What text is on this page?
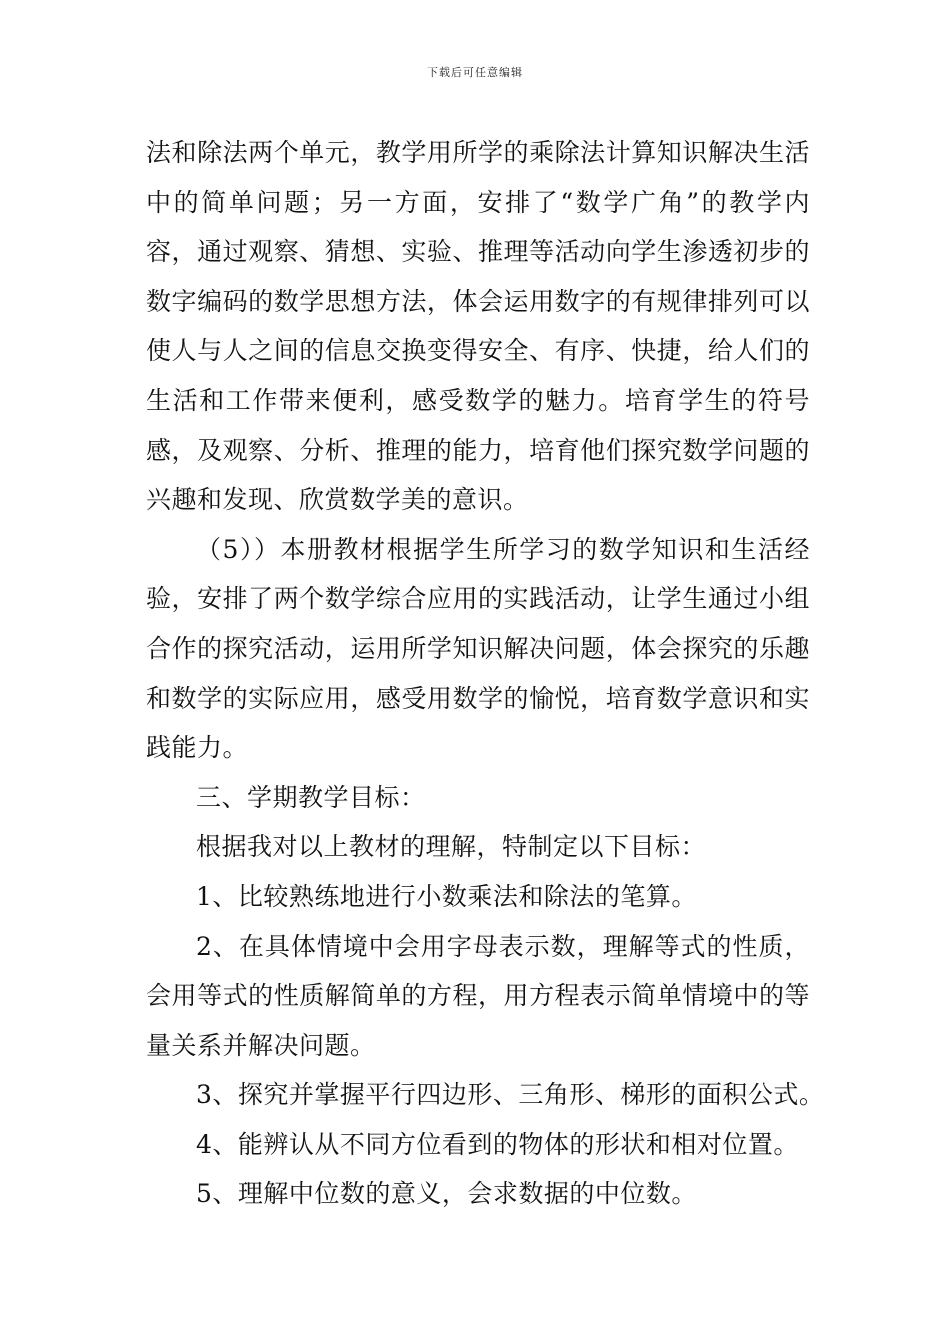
下载后可任意编辑

法和除法两个单元，教学用所学的乘除法计算知识解决生活中的简单问题；另一方面，安排了“数学广角”的教学内容，通过观察、猜想、实验、推理等活动向学生渗透初步的数字编码的数学思想方法，体会运用数字的有规律排列可以使人与人之间的信息交换变得安全、有序、快捷，给人们的生活和工作带来便利，感受数学的魅力。培育学生的符号感，及观察、分析、推理的能力，培育他们探究数学问题的兴趣和发现、欣赏数学美的意识。

（5））本册教材根据学生所学习的数学知识和生活经验，安排了两个数学综合应用的实践活动，让学生通过小组合作的探究活动，运用所学知识解决问题，体会探究的乐趣和数学的实际应用，感受用数学的愉悦，培育数学意识和实践能力。

三、学期教学目标：

根据我对以上教材的理解，特制定以下目标：

1、比较熟练地进行小数乘法和除法的笔算。

2、在具体情境中会用字母表示数，理解等式的性质，会用等式的性质解简单的方程，用方程表示简单情境中的等量关系并解决问题。

3、探究并掌握平行四边形、三角形、梯形的面积公式。

4、能辨认从不同方位看到的物体的形状和相对位置。

5、理解中位数的意义，会求数据的中位数。
